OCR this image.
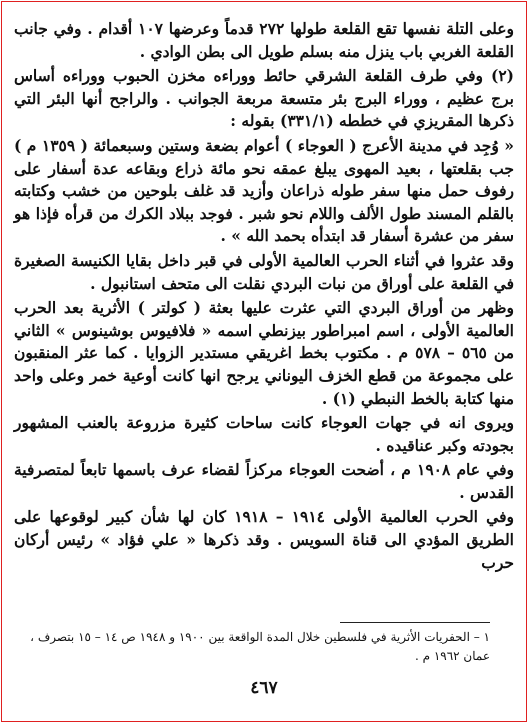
وعلى التلة نفسها تقع القلعة طولها ٢٧٢ قدماً وعرضها ١٠٧ أقدام . وفي جانب القلعة الغربي باب ينزل منه بسلم طويل الى بطن الوادي .

(٢) وفي طرف القلعة الشرقي حائط ووراءه مخزن الحبوب ووراءه أساس برج عظيم ، ووراء البرج بئر متسعة مربعة الجوانب . والراجح أنها البئر التي ذكرها المقريزي في خططه (٣٣١/١) بقوله :

« وُجِد في مدينة الأعرج ( العوجاء ) أعوام بضعة وستين وسبعمائة ( ١٣٥٩ م ) جب بقلعتها ، بعيد المهوى يبلغ عمقه نحو مائة ذراع وبقاعه عدة أسفار على رفوف حمل منها سفر طوله ذراعان وأزيد قد غلف بلوحين من خشب وكتابته بالقلم المسند طول الألف واللام نحو شبر . فوجد ببلاد الكرك من قرأه فإذا هو سفر من عشرة أسفار قد ابتدأه بحمد الله » .

وقد عثروا في أثناء الحرب العالمية الأولى في قبر داخل بقايا الكنيسة الصغيرة في القلعة على أوراق من نبات البردي نقلت الى متحف استانبول .

وظهر من أوراق البردي التي عثرت عليها بعثة ( كولتر ) الأثرية بعد الحرب العالمية الأولى ، اسم امبراطور بيزنطي اسمه « فلافيوس بوشينوس » الثاني من ٥٦٥ – ٥٧٨ م . مكتوب بخط اغريقي مستدير الزوايا . كما عثر المنقبون على مجموعة من قطع الخزف اليوناني يرجح انها كانت أوعية خمر وعلى واحد منها كتابة بالخط النبطي (١) .

ويروى انه في جهات العوجاء كانت ساحات كثيرة مزروعة بالعنب المشهور بجودته وكبر عناقيده .

وفي عام ١٩٠٨ م ، أضحت العوجاء مركزاً لقضاء عرف باسمها تابعاً لمتصرفية القدس .

وفي الحرب العالمية الأولى ١٩١٤ – ١٩١٨ كان لها شأن كبير لوقوعها على الطريق المؤدي الى قناة السويس . وقد ذكرها « علي فؤاد » رئيس أركان حرب

١ – الحفريات الأثرية في فلسطين خلال المدة الواقعة بين ١٩٠٠ و ١٩٤٨ ص ١٤ – ١٥ بتصرف ، عمان ١٩٦٢ م .
٤٦٧
